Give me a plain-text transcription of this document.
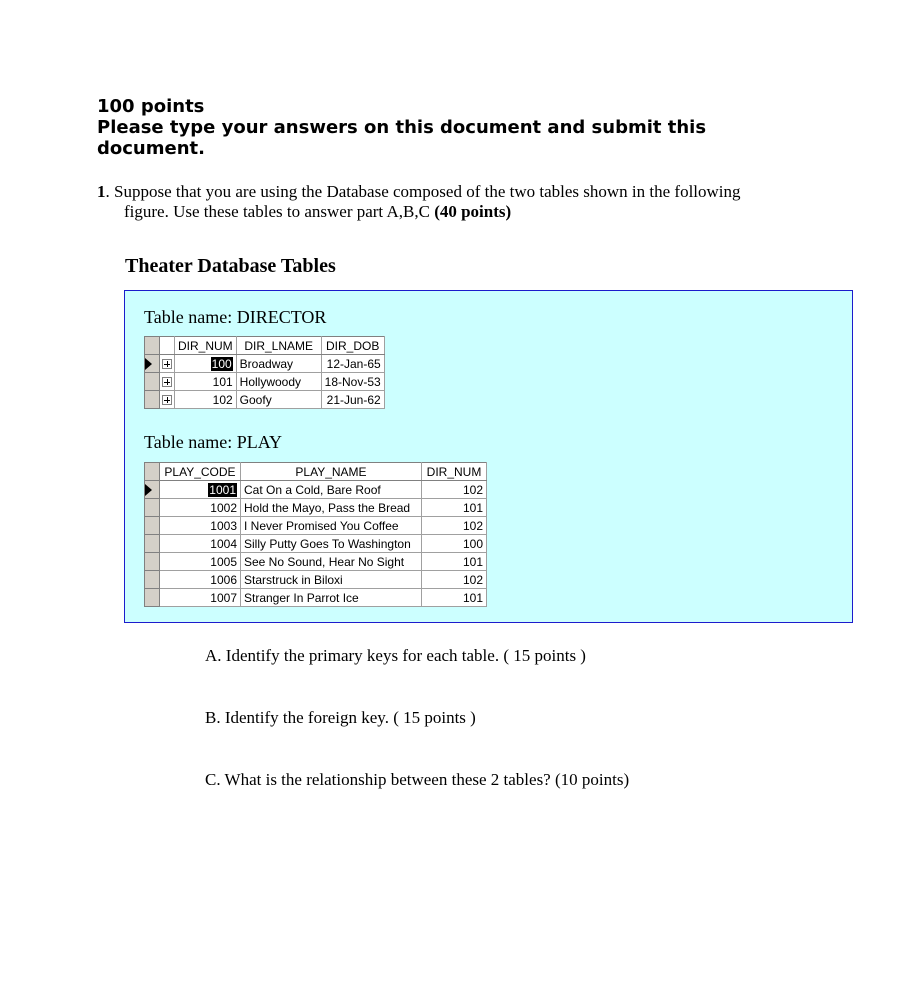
100 points
Please type your answers on this document and submit this
document.
1. Suppose that you are using the Database composed of the two tables shown in the following
figure. Use these tables to answer part A,B,C (40 points)
Theater Database Tables
Table name: DIRECTOR
		DIR_NUM	DIR_LNAME	DIR_DOB
		100	Broadway	12-Jan-65
		101	Hollywoody	18-Nov-53
		102	Goofy	21-Jun-62
Table name: PLAY
	PLAY_CODE	PLAY_NAME	DIR_NUM
	1001	Cat On a Cold, Bare Roof	102
	1002	Hold the Mayo, Pass the Bread	101
	1003	I Never Promised You Coffee	102
	1004	Silly Putty Goes To Washington	100
	1005	See No Sound, Hear No Sight	101
	1006	Starstruck in Biloxi	102
	1007	Stranger In Parrot Ice	101
A. Identify the primary keys for each table. ( 15 points )
B. Identify the foreign key. ( 15 points )
C. What is the relationship between these 2 tables? (10 points)
